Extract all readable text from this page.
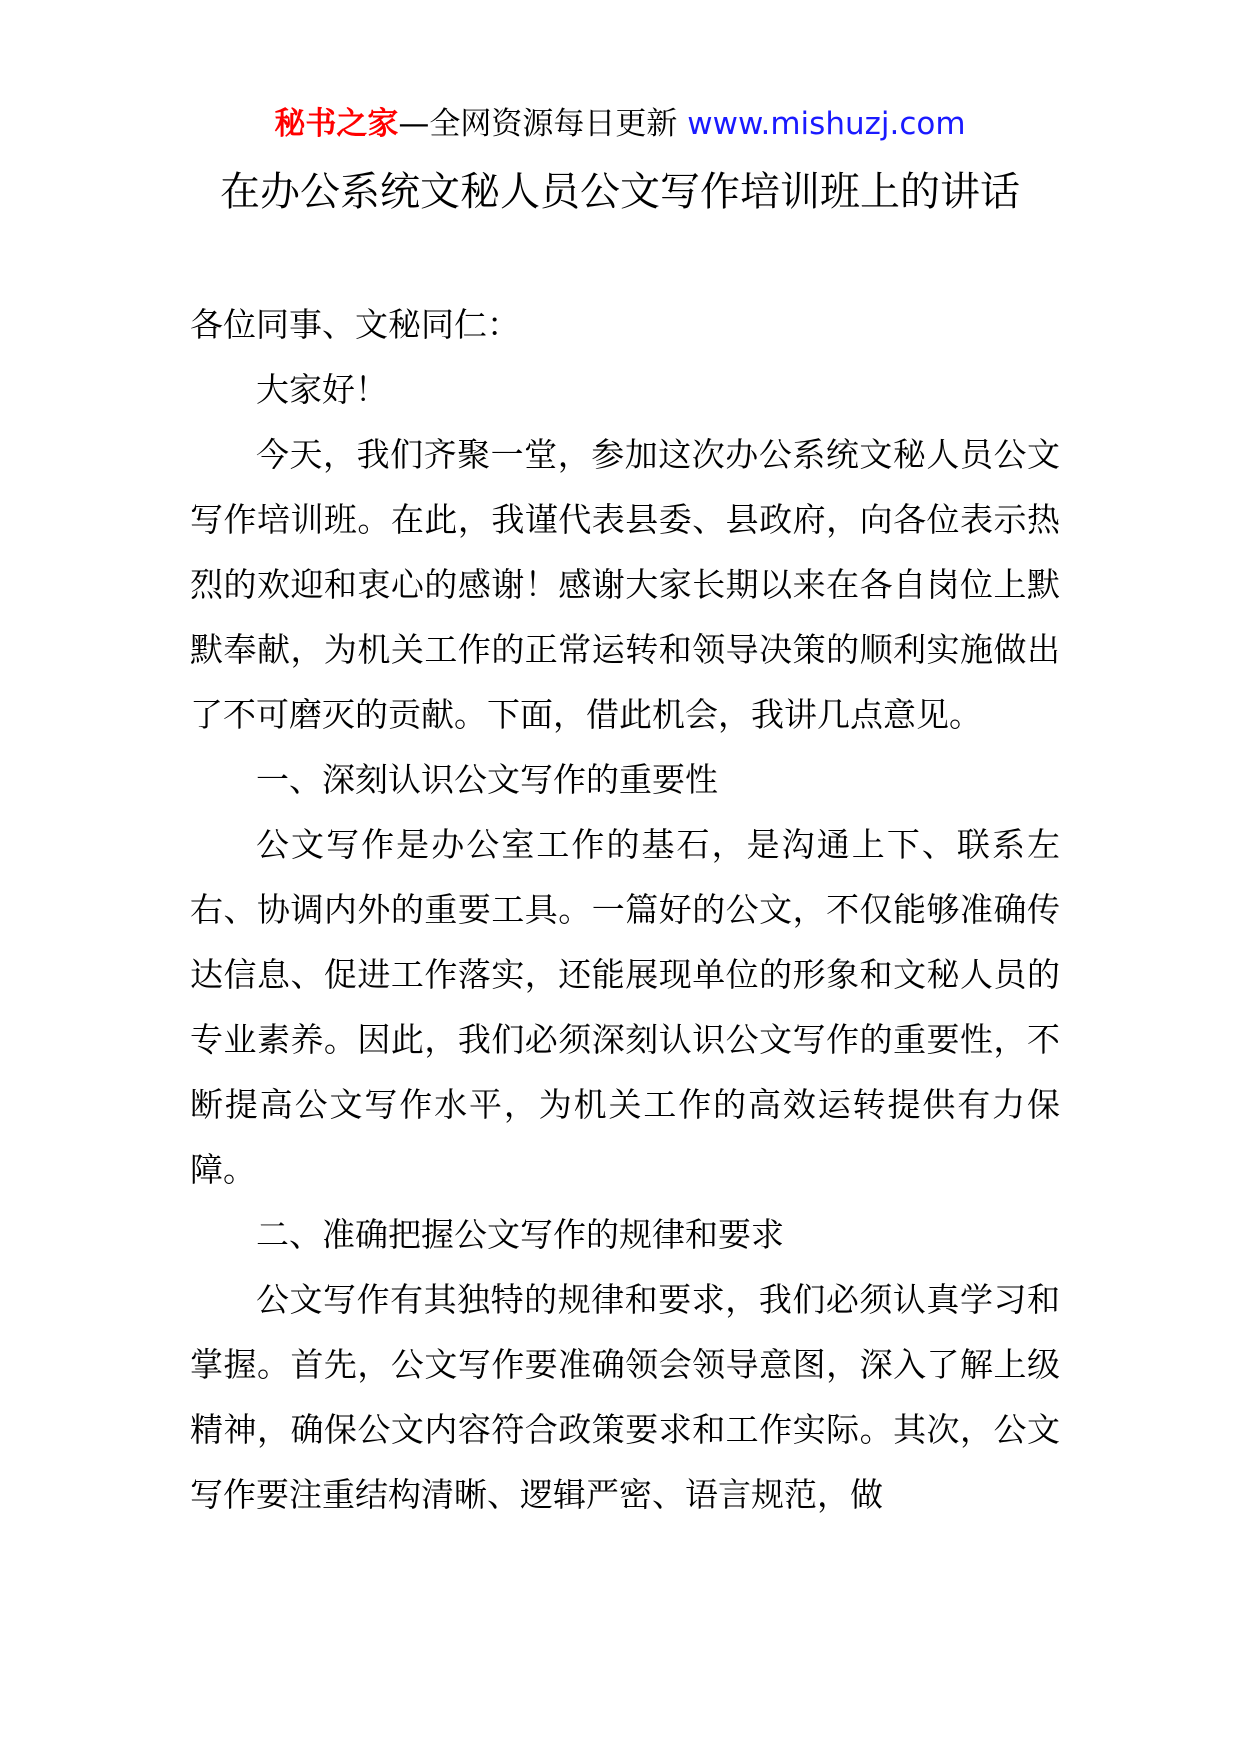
秘书之家—全网资源每日更新 www.mishuzj.com
在办公系统文秘人员公文写作培训班上的讲话

各位同事、文秘同仁：

大家好！

今天，我们齐聚一堂，参加这次办公系统文秘人员公文写作培训班。在此，我谨代表县委、县政府，向各位表示热烈的欢迎和衷心的感谢！感谢大家长期以来在各自岗位上默默奉献，为机关工作的正常运转和领导决策的顺利实施做出了不可磨灭的贡献。下面，借此机会，我讲几点意见。

一、深刻认识公文写作的重要性

公文写作是办公室工作的基石，是沟通上下、联系左右、协调内外的重要工具。一篇好的公文，不仅能够准确传达信息、促进工作落实，还能展现单位的形象和文秘人员的专业素养。因此，我们必须深刻认识公文写作的重要性，不断提高公文写作水平，为机关工作的高效运转提供有力保障。

二、准确把握公文写作的规律和要求

公文写作有其独特的规律和要求，我们必须认真学习和掌握。首先，公文写作要准确领会领导意图，深入了解上级精神，确保公文内容符合政策要求和工作实际。其次，公文写作要注重结构清晰、逻辑严密、语言规范，做
